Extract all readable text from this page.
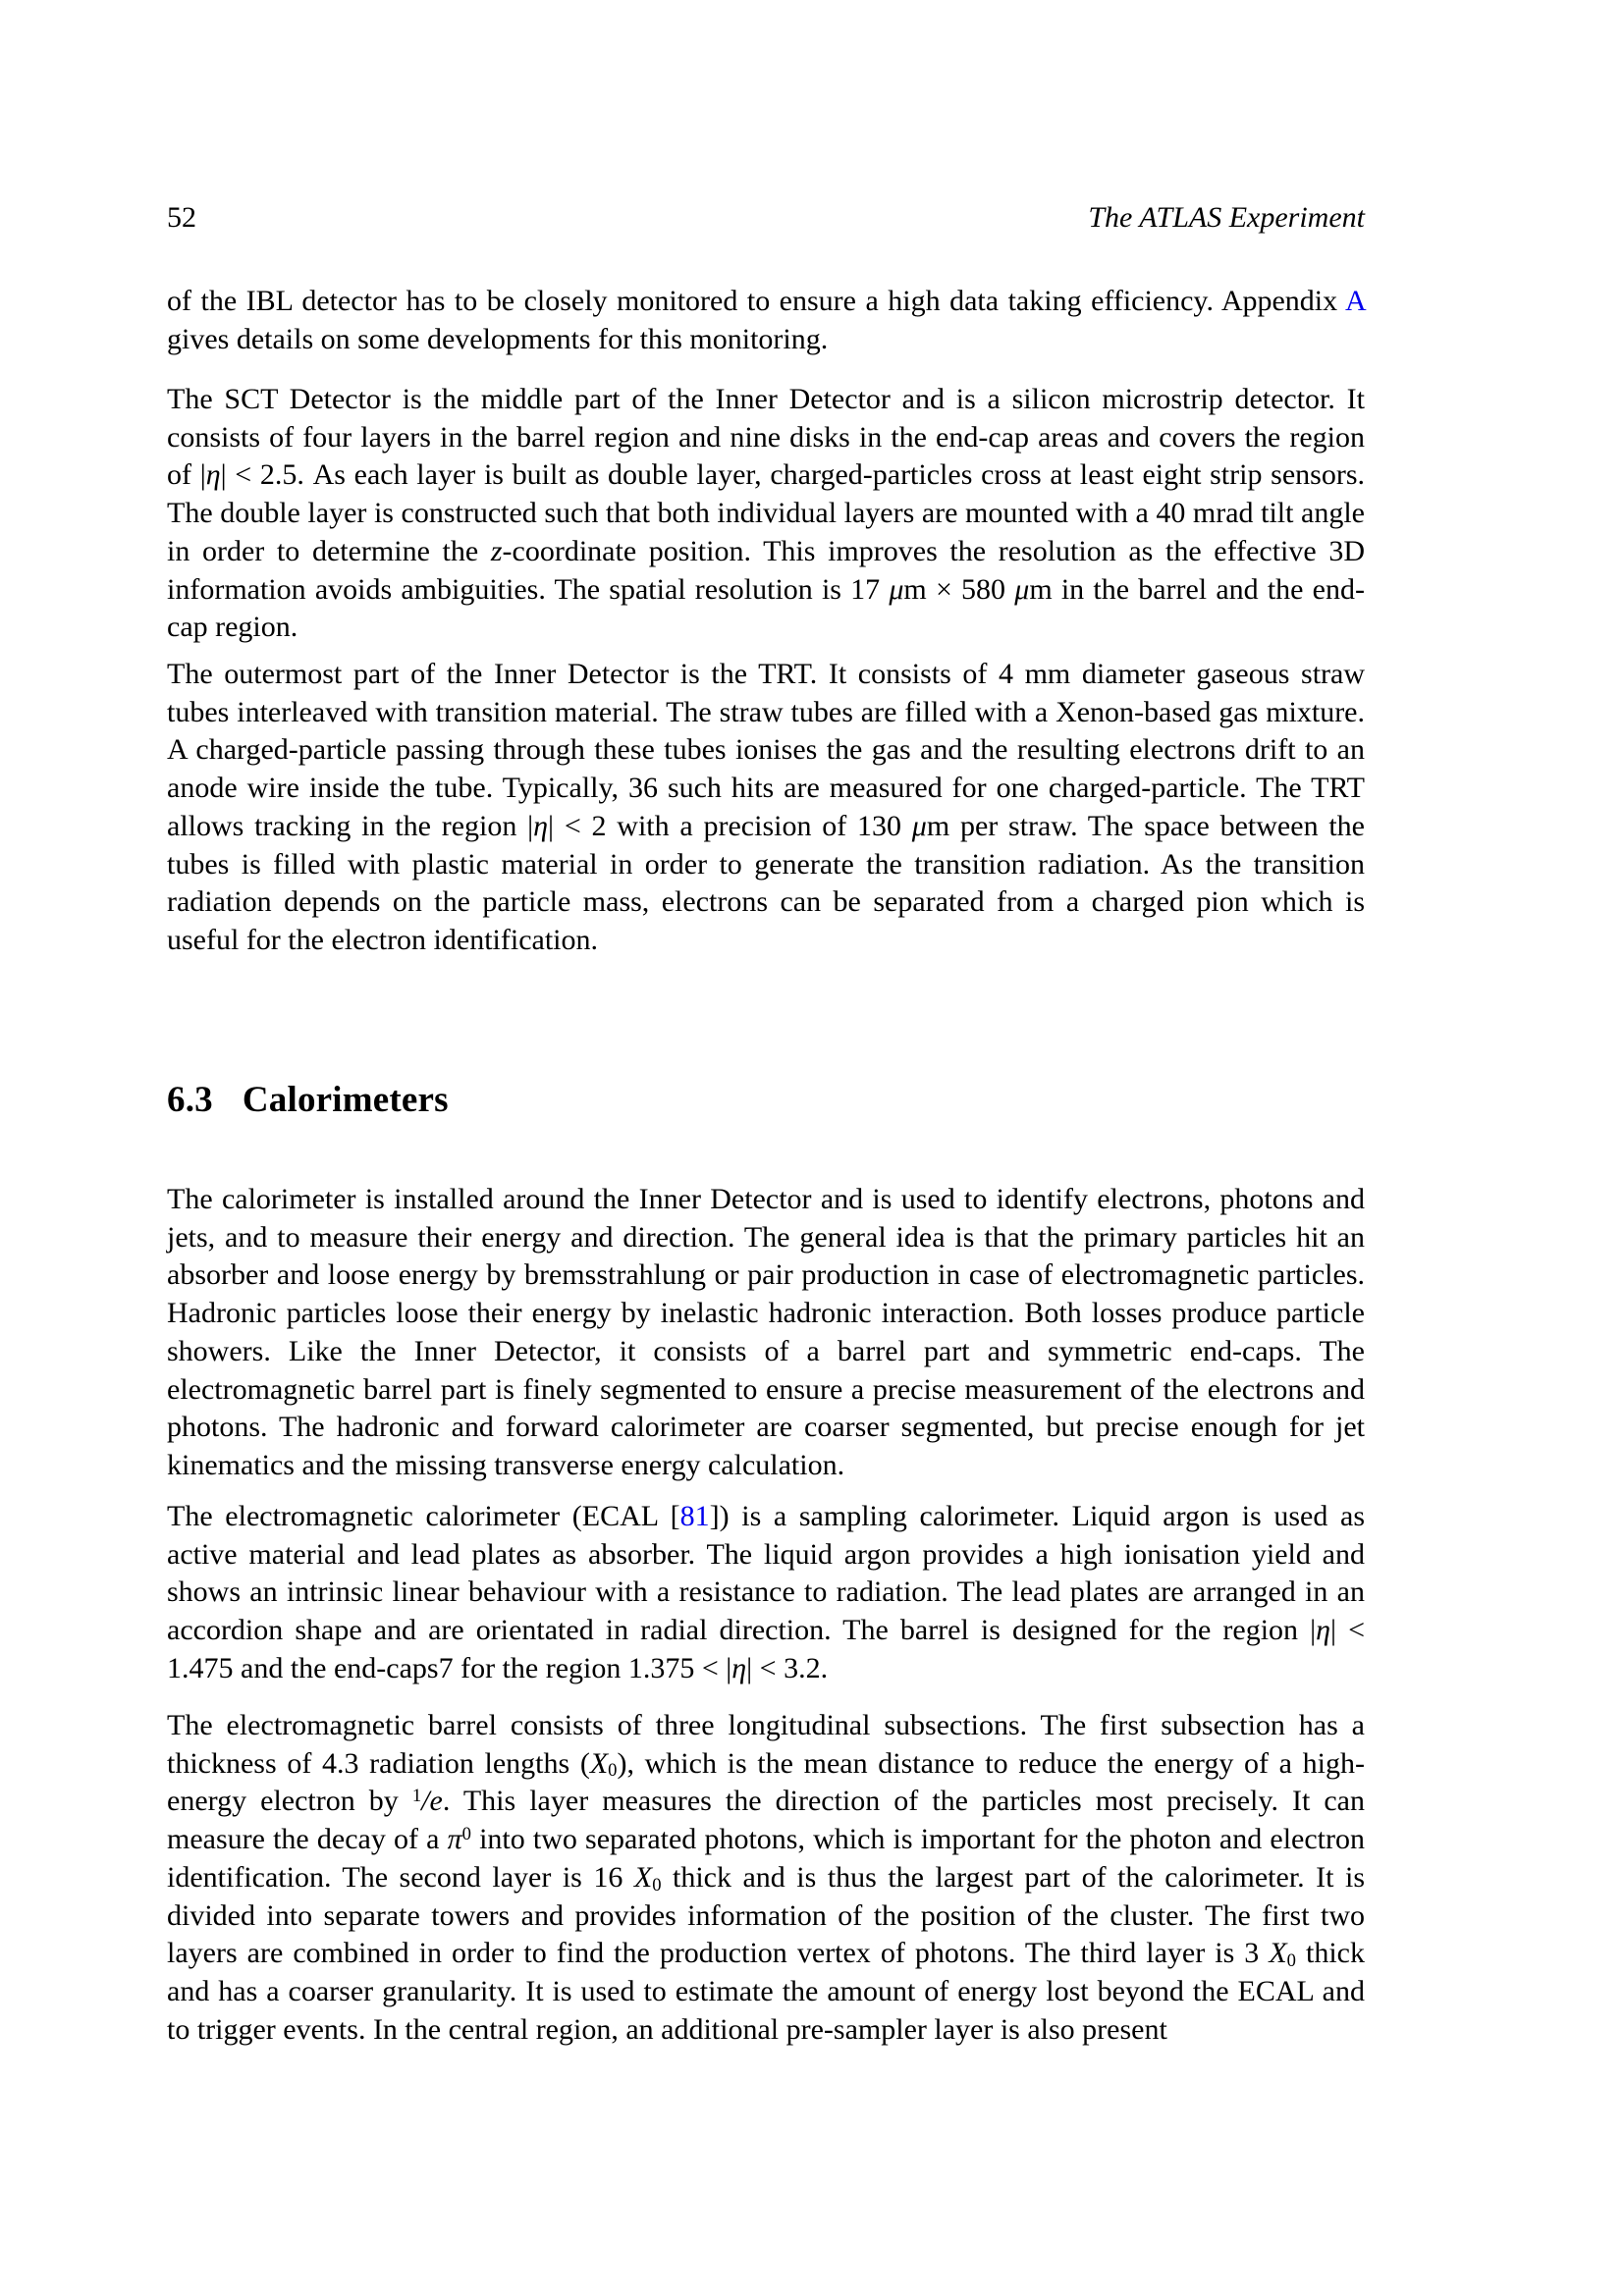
52	The ATLAS Experiment

of the IBL detector has to be closely monitored to ensure a high data taking efficiency. Appendix A gives details on some developments for this monitoring.

The SCT Detector is the middle part of the Inner Detector and is a silicon microstrip detector. It consists of four layers in the barrel region and nine disks in the end-cap areas and covers the region of |η| < 2.5. As each layer is built as double layer, charged-particles cross at least eight strip sensors. The double layer is constructed such that both individual layers are mounted with a 40 mrad tilt angle in order to determine the z-coordinate position. This improves the resolution as the effective 3D information avoids ambiguities. The spatial resolution is 17 μm × 580 μm in the barrel and the end-cap region.

The outermost part of the Inner Detector is the TRT. It consists of 4 mm diameter gaseous straw tubes interleaved with transition material. The straw tubes are filled with a Xenon-based gas mixture. A charged-particle passing through these tubes ionises the gas and the resulting electrons drift to an anode wire inside the tube. Typically, 36 such hits are measured for one charged-particle. The TRT allows tracking in the region |η| < 2 with a precision of 130 μm per straw. The space between the tubes is filled with plastic material in order to generate the transition radiation. As the transition radiation depends on the particle mass, electrons can be separated from a charged pion which is useful for the electron identification.

6.3 Calorimeters

The calorimeter is installed around the Inner Detector and is used to identify electrons, photons and jets, and to measure their energy and direction. The general idea is that the primary particles hit an absorber and loose energy by bremsstrahlung or pair production in case of electromagnetic particles. Hadronic particles loose their energy by inelastic hadronic interaction. Both losses produce particle showers. Like the Inner Detector, it consists of a barrel part and symmetric end-caps. The electromagnetic barrel part is finely segmented to ensure a precise measurement of the electrons and photons. The hadronic and forward calorimeter are coarser segmented, but precise enough for jet kinematics and the missing transverse energy calculation.

The electromagnetic calorimeter (ECAL [81]) is a sampling calorimeter. Liquid argon is used as active material and lead plates as absorber. The liquid argon provides a high ionisation yield and shows an intrinsic linear behaviour with a resistance to radiation. The lead plates are arranged in an accordion shape and are orientated in radial direction. The barrel is designed for the region |η| < 1.475 and the end-caps7 for the region 1.375 < |η| < 3.2.

The electromagnetic barrel consists of three longitudinal subsections. The first subsection has a thickness of 4.3 radiation lengths (X0), which is the mean distance to reduce the energy of a high-energy electron by $^1$/e. This layer measures the direction of the particles most precisely. It can measure the decay of a $\pi^0$ into two separated photons, which is important for the photon and electron identification. The second layer is 16 X0 thick and is thus the largest part of the calorimeter. It is divided into separate towers and provides information of the position of the cluster. The first two layers are combined in order to find the production vertex of photons. The third layer is 3 X0 thick and has a coarser granularity. It is used to estimate the amount of energy lost beyond the ECAL and to trigger events. In the central region, an additional pre-sampler layer is also present
